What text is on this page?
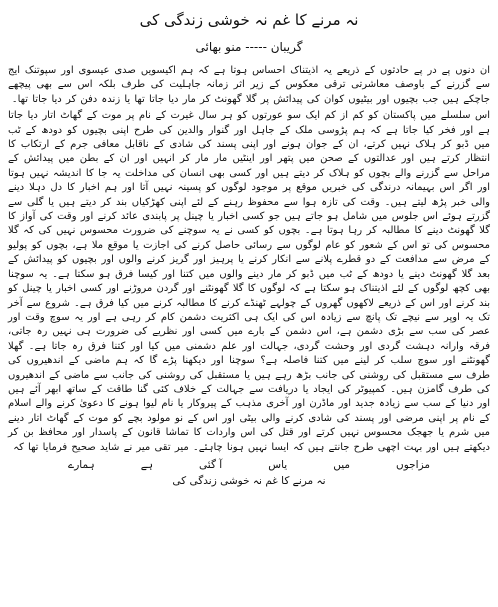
نہ مرنے کا غم نہ خوشی زندگی کی
گریبان ----- منو بھائی

ان دنوں پے در پے حادثوں کے ذریعے یہ اذیتناک احساس ہوتا ہے کہ ہم اکیسویں صدی عیسوی اور سپوتنک ایج سے گزرنے کے باوصف معاشرتی ترقی معکوس کے زیر اثر زمانہ جاہلیت کی طرف بلکہ اس سے بھی پیچھے جاچکے ہیں جب بچیوں اور بیٹیوں کوان کی پیدائش پر گلا گھونٹ کر مار دیا جاتا تھا یا زندہ دفن کر دیا جاتا تھا۔

اس سلسلے میں پاکستان کو کم از کم ایک سو عورتوں کو ہر سال غیرت کے نام پر موت کے گھاٹ اتار دیا جاتا ہے اور فخر کیا جاتا ہے کہ ہم پڑوسی ملک کے جاہل اور گنوار والدین کی طرح اپنی بچیوں کو دودھ کے ٹب میں ڈبو کر ہلاک نہیں کرتے، ان کے جوان ہونے اور اپنی پسند کی شادی کے ناقابل معافی جرم کے ارتکاب کا انتظار کرتے ہیں اور عدالتوں کے صحن میں پتھر اور اینٹیں مار مار کر انہیں اور ان کے بطن میں پیدائش کے مراحل سے گزرنے والے بچوں کو ہلاک کر دیتے ہیں اور کسی بھی انسان کی مداخلت یہ جا کا اندیشہ نہیں ہوتا اور اگر اس بہیمانہ درندگی کی خبریں موقع پر موجود لوگوں کو پسینہ نہیں آتا اور ہم اخبار کا دل دہلا دینے والی خبر پڑھ لیتے ہیں۔ وقت کی تازہ ہوا سے محفوظ رہنے کے لئے اپنی کھڑکیاں بند کر دیتے ہیں یا گلی سے گزرتے ہوئے اس جلوس میں شامل ہو جاتے ہیں جو کسی اخبار یا چینل پر پابندی عائد کرنے اور وقت کی آواز کا گلا گھونٹ دینے کا مطالبہ کر رہا ہوتا ہے۔ بچوں کو کسی نے یہ سوچنے کی ضرورت محسوس نہیں کی کہ گلا محسوس کی تو اس کے شعور کو عام لوگوں سے رسائی حاصل کرنے کی اجازت یا موقع ملا ہے، بچوں کو پولیو کے مرض سے مدافعت کے دو قطرے پلانے سے انکار کرنے یا پرہیز اور گریز کرنے والوں اور بچیوں کو پیدائش کے بعد گلا گھونٹ دینے یا دودھ کے ٹب میں ڈبو کر مار دینے والوں میں کتنا اور کیسا فرق ہو سکتا ہے۔ یہ سوچنا بھی کچھ لوگوں کے لئے اذیتناک ہو سکتا ہے کہ لوگوں کا گلا گھونٹنے اور گردن مروڑنے اور کسی اخبار یا چینل کو بند کرنے اور اس کے ذریعے لاکھوں گھروں کے چولہے ٹھنڈے کرنے کا مطالبہ کرنے میں کیا فرق ہے۔ شروع سے آخر تک یہ اوپر سے نیچے تک پانچ سے زیادہ اس کی ایک ہی اکثریت دشمن کام کر رہی ہے اور یہ سوچ وقت اور عصر کی سب سے بڑی دشمن ہے، اس دشمن کے بارے میں کسی اور نظریے کی ضرورت ہی نہیں رہ جاتی، فرقہ وارانہ دہشت گردی اور وحشت گردی، جہالت اور علم دشمنی میں کیا اور کتنا فرق رہ جاتا ہے۔ گھلا گھونٹنے اور سوچ سلب کر لینے میں کتنا فاصلہ ہے؟ سوچنا اور دیکھنا پڑے گا کہ ہم ماضی کے اندھیروں کی طرف سے مستقبل کی روشنی کی جانب بڑھ رہے ہیں یا مستقبل کی روشنی کی جانب سے ماضی کے اندھیروں کی طرف گامزن ہیں۔ کمپیوٹر کی ایجاد یا دریافت سے جہالت کے خلاف کئی گنا طاقت کے ساتھ ابھر آئے ہیں اور دنیا کے سب سے زیادہ جدید اور ماڈرن اور آخری مذہب کے پیروکار یا نام لیوا ہونے کا دعویٰ کرنے والے اسلام کے نام پر اپنی مرضی اور پسند کی شادی کرنے والی بیٹی اور اس کے نو مولود بچے کو موت کے گھاٹ اتار دینے میں شرم یا جھجک محسوس نہیں کرتے اور قتل کی اس واردات کا تماشا قانون کے پاسدار اور محافظ بن کر دیکھتے ہیں اور بہت اچھی طرح جانتے ہیں کہ ایسا نہیں ہونا چاہئے۔ میر تقی میر نے شاید صحیح فرمایا تھا کہ

مزاجوں
میں
یاس
آ گئی
ہے
ہمارے
نہ مرنے کا غم نہ خوشی زندگی کی
